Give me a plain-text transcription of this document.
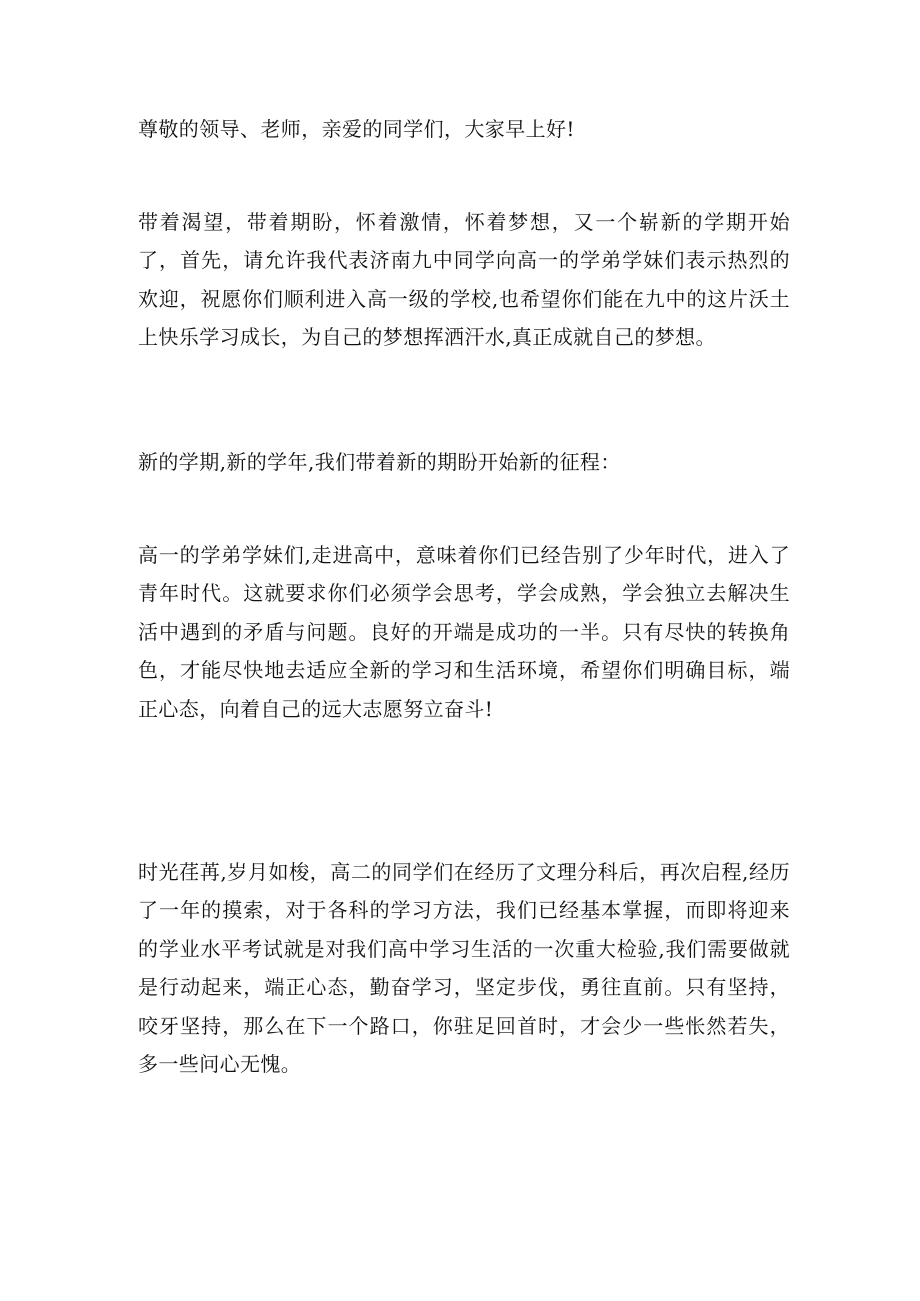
尊敬的领导、老师，亲爱的同学们，大家早上好!

带着渴望，带着期盼，怀着激情，怀着梦想，又一个崭新的学期开始了，首先，请允许我代表济南九中同学向高一的学弟学妹们表示热烈的欢迎，祝愿你们顺利进入高一级的学校,也希望你们能在九中的这片沃土上快乐学习成长，为自己的梦想挥洒汗水,真正成就自己的梦想。

新的学期,新的学年,我们带着新的期盼开始新的征程：

高一的学弟学妹们,走进高中，意味着你们已经告别了少年时代，进入了青年时代。这就要求你们必须学会思考，学会成熟，学会独立去解决生活中遇到的矛盾与问题。良好的开端是成功的一半。只有尽快的转换角色，才能尽快地去适应全新的学习和生活环境，希望你们明确目标，端正心态，向着自己的远大志愿努立奋斗!

时光荏苒,岁月如梭，高二的同学们在经历了文理分科后，再次启程,经历了一年的摸索，对于各科的学习方法，我们已经基本掌握，而即将迎来的学业水平考试就是对我们高中学习生活的一次重大检验,我们需要做就是行动起来，端正心态，勤奋学习，坚定步伐，勇往直前。只有坚持，咬牙坚持，那么在下一个路口，你驻足回首时，才会少一些怅然若失，多一些问心无愧。
